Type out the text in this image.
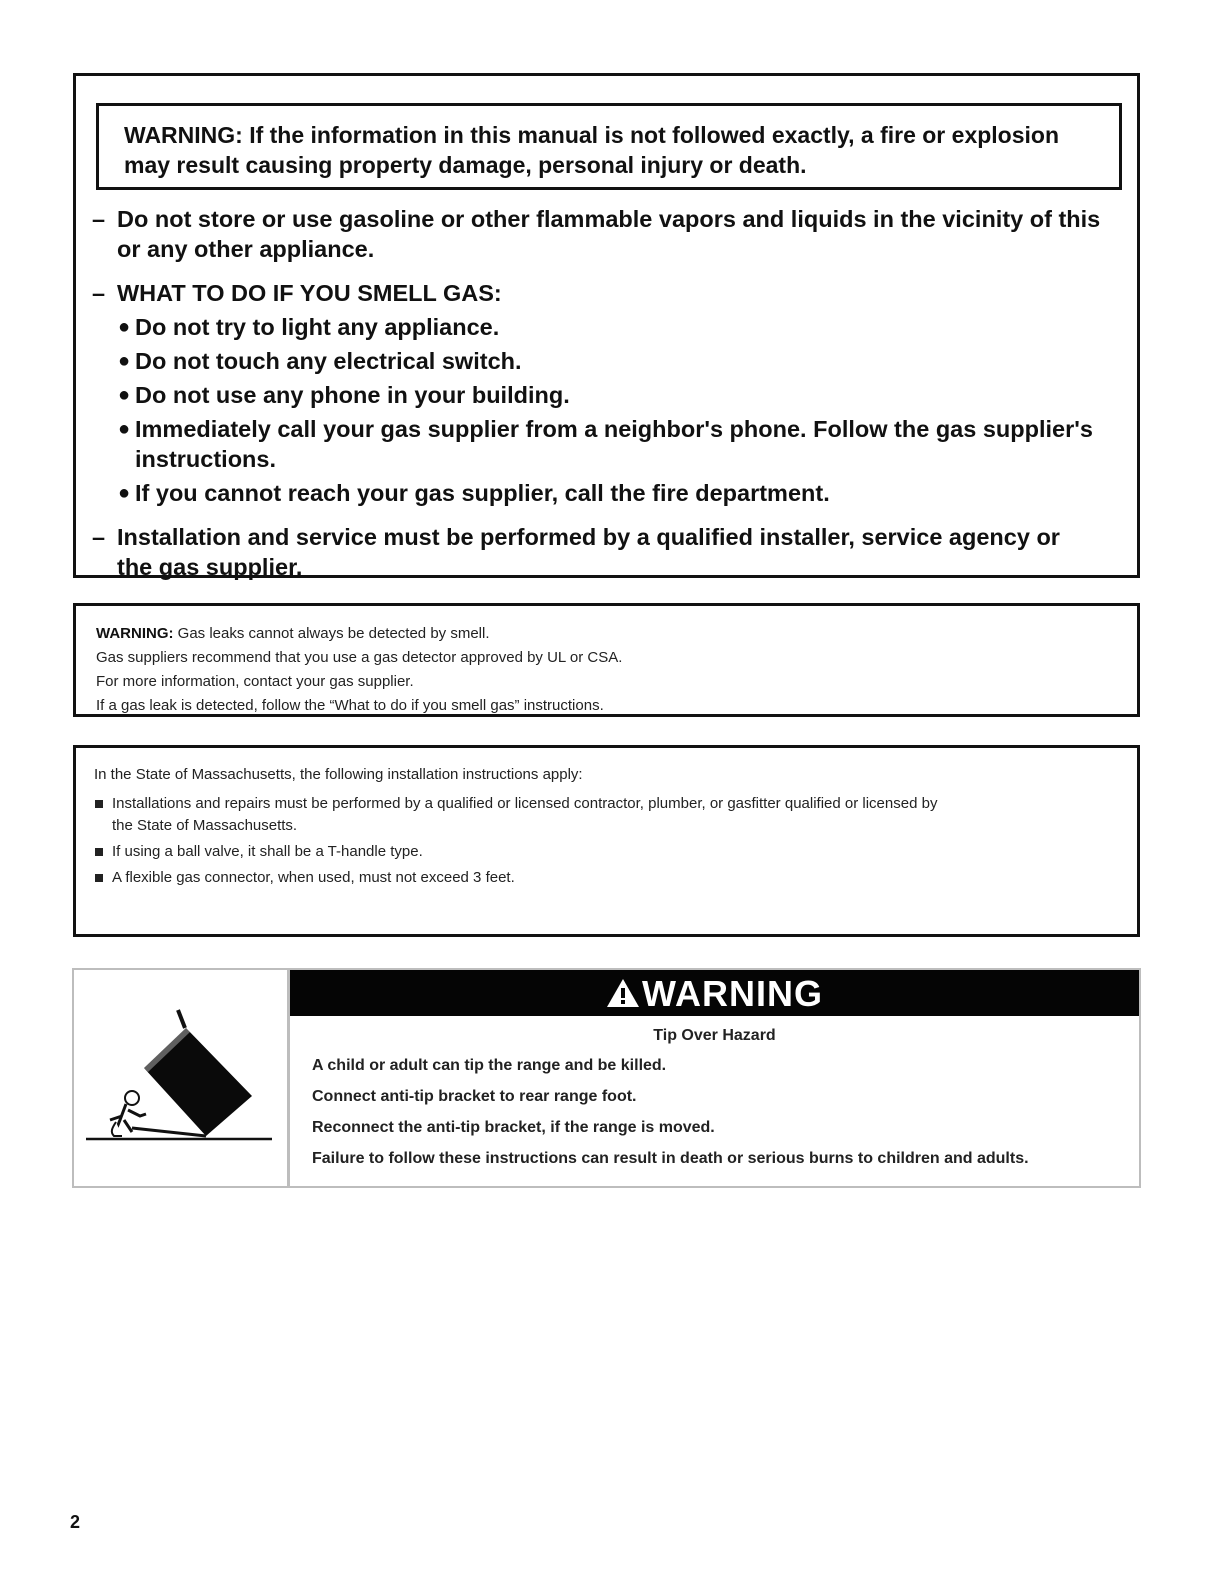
WARNING: If the information in this manual is not followed exactly, a fire or explosion
may result causing property damage, personal injury or death.
– Do not store or use gasoline or other flammable vapors and liquids in the vicinity of this
or any other appliance.
– WHAT TO DO IF YOU SMELL GAS:
● Do not try to light any appliance.
● Do not touch any electrical switch.
● Do not use any phone in your building.
● Immediately call your gas supplier from a neighbor's phone. Follow the gas supplier's
instructions.
● If you cannot reach your gas supplier, call the fire department.
– Installation and service must be performed by a qualified installer, service agency or
the gas supplier.
WARNING: Gas leaks cannot always be detected by smell.
Gas suppliers recommend that you use a gas detector approved by UL or CSA.
For more information, contact your gas supplier.
If a gas leak is detected, follow the “What to do if you smell gas” instructions.
In the State of Massachusetts, the following installation instructions apply:
Installations and repairs must be performed by a qualified or licensed contractor, plumber, or gasfitter qualified or licensed by
the State of Massachusetts.
If using a ball valve, it shall be a T-handle type.
A flexible gas connector, when used, must not exceed 3 feet.
WARNING
Tip Over Hazard
A child or adult can tip the range and be killed.
Connect anti-tip bracket to rear range foot.
Reconnect the anti-tip bracket, if the range is moved.
Failure to follow these instructions can result in death or serious burns to children and adults.
2
